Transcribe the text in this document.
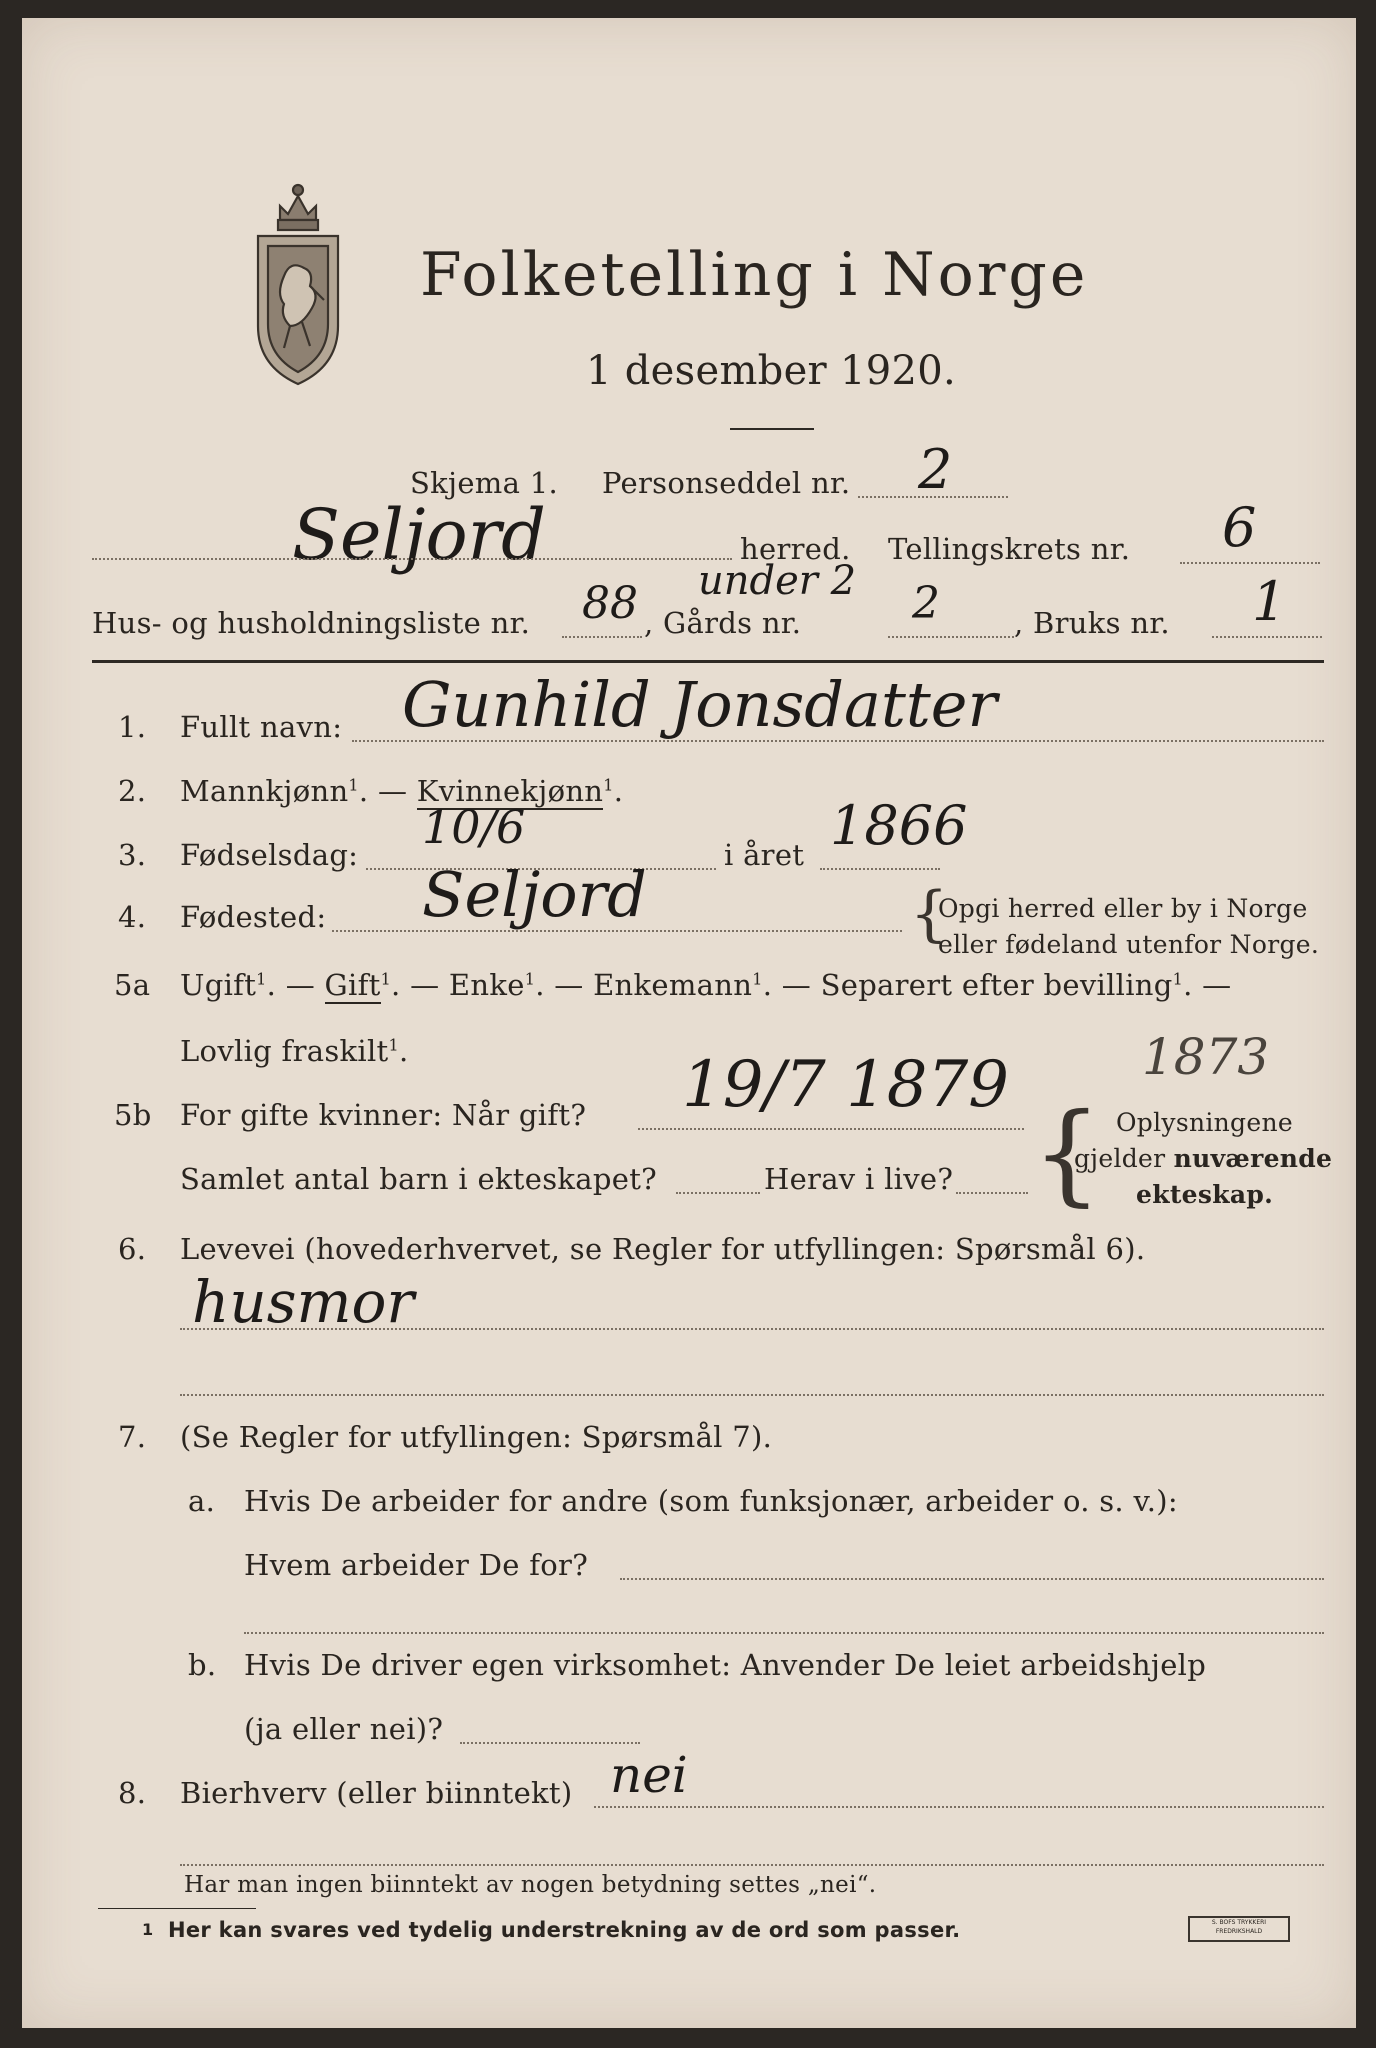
Folketelling i Norge
1 desember 1920.
Skjema 1. Personseddel nr. 2
Seljord	herred. Tellingskrets nr. 6
Hus- og husholdningsliste nr. 88 under 2
, Gårds nr.	2	, Bruks nr. 1
1. Fullt navn: Gunhild Jonsdatter
2. Mannkjønn$^1$. — Kvinnekjønn$^1$.
3. Fødselsdag:
10/6
i året 1866
4. Fødested: Seljord	{
Opgi herred eller by i Norge
eller fødeland utenfor Norge.
5a Ugift$^1$. — Gift$^1$. — Enke$^1$. — Enkemann$^1$. — Separert efter bevilling$^1$. —
Lovlig fraskilt$^1$.
5b For gifte kvinner: Når gift? 19/7 1879	1873
Samlet antal barn i ekteskapet?	Herav i live? { Oplysningene
gjelder nuværende
ekteskap.
6. Levevei (hovederhvervet, se Regler for utfyllingen: Spørsmål 6).
husmor
7. (Se Regler for utfyllingen: Spørsmål 7).
a. Hvis De arbeider for andre (som funksjonær, arbeider o. s. v.):
Hvem arbeider De for?
b. Hvis De driver egen virksomhet: Anvender De leiet arbeidshjelp
(ja eller nei)?
8. Bierhverv (eller biinntekt) nei
Har man ingen biinntekt av nogen betydning settes „nei“.
1 Her kan svares ved tydelig understrekning av de ord som passer.	S. BOFS TRYKKERI FREDRIKSHALD
